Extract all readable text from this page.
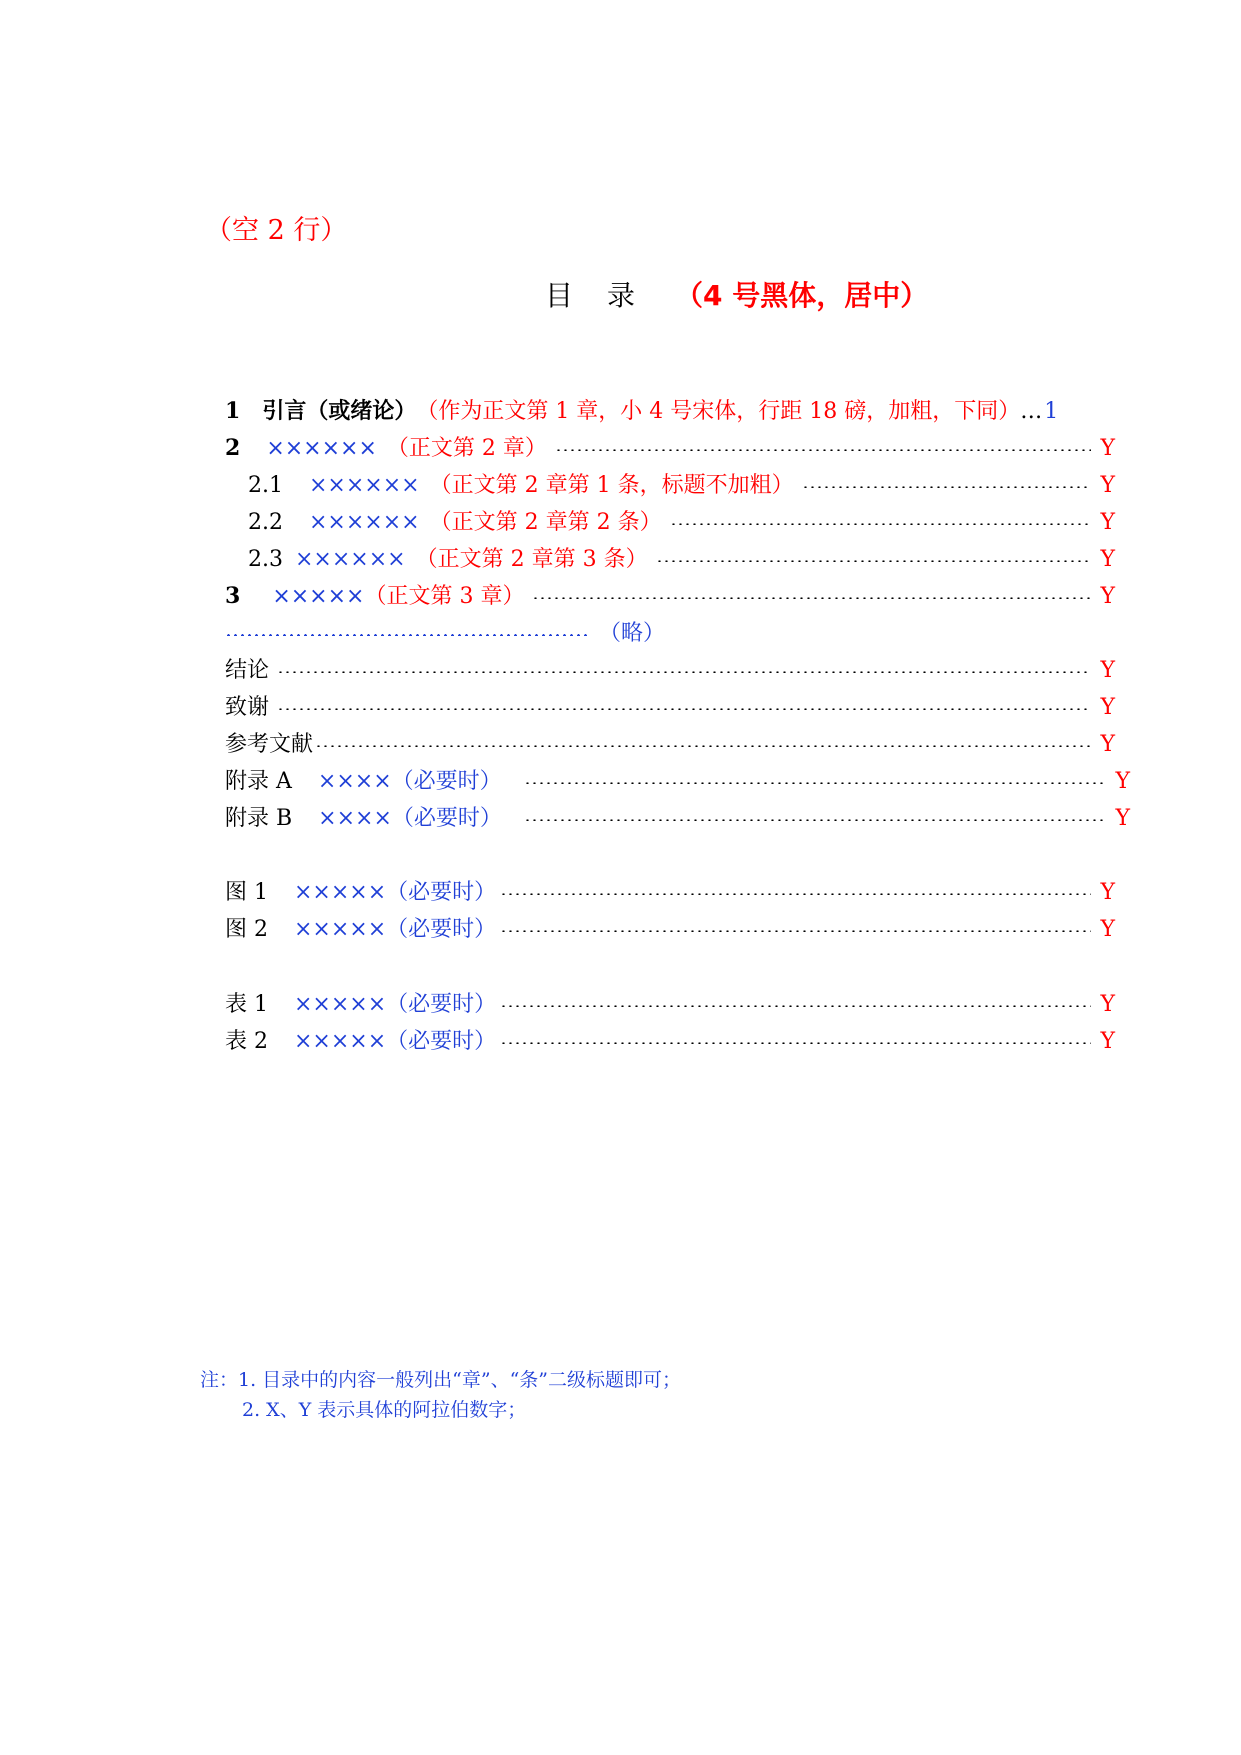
（空 2 行）
目录 （4 号黑体，居中）
1 引言（或绪论） （作为正文第 1 章，小 4 号宋体，行距 18 磅，加粗，下同） … 1
2 ×××××× （正文第 2 章）	Y
2.1 ×××××× （正文第 2 章第 1 条，标题不加粗）	Y
2.2 ×××××× （正文第 2 章第 2 条）	Y
2.3 ×××××× （正文第 2 章第 3 条）	Y
3 ××××× （正文第 3 章）	Y
（略）
结论	Y
致谢	Y
参考文献	Y
附录 A ××××（必要时）	Y
附录 B ××××（必要时）	Y
图 1 ×××××（必要时）	Y
图 2 ×××××（必要时）	Y
表 1 ×××××（必要时）	Y
表 2 ×××××（必要时）	Y
注：1. 目录中的内容一般列出“章”、“条”二级标题即可；
2. X、Y 表示具体的阿拉伯数字；
